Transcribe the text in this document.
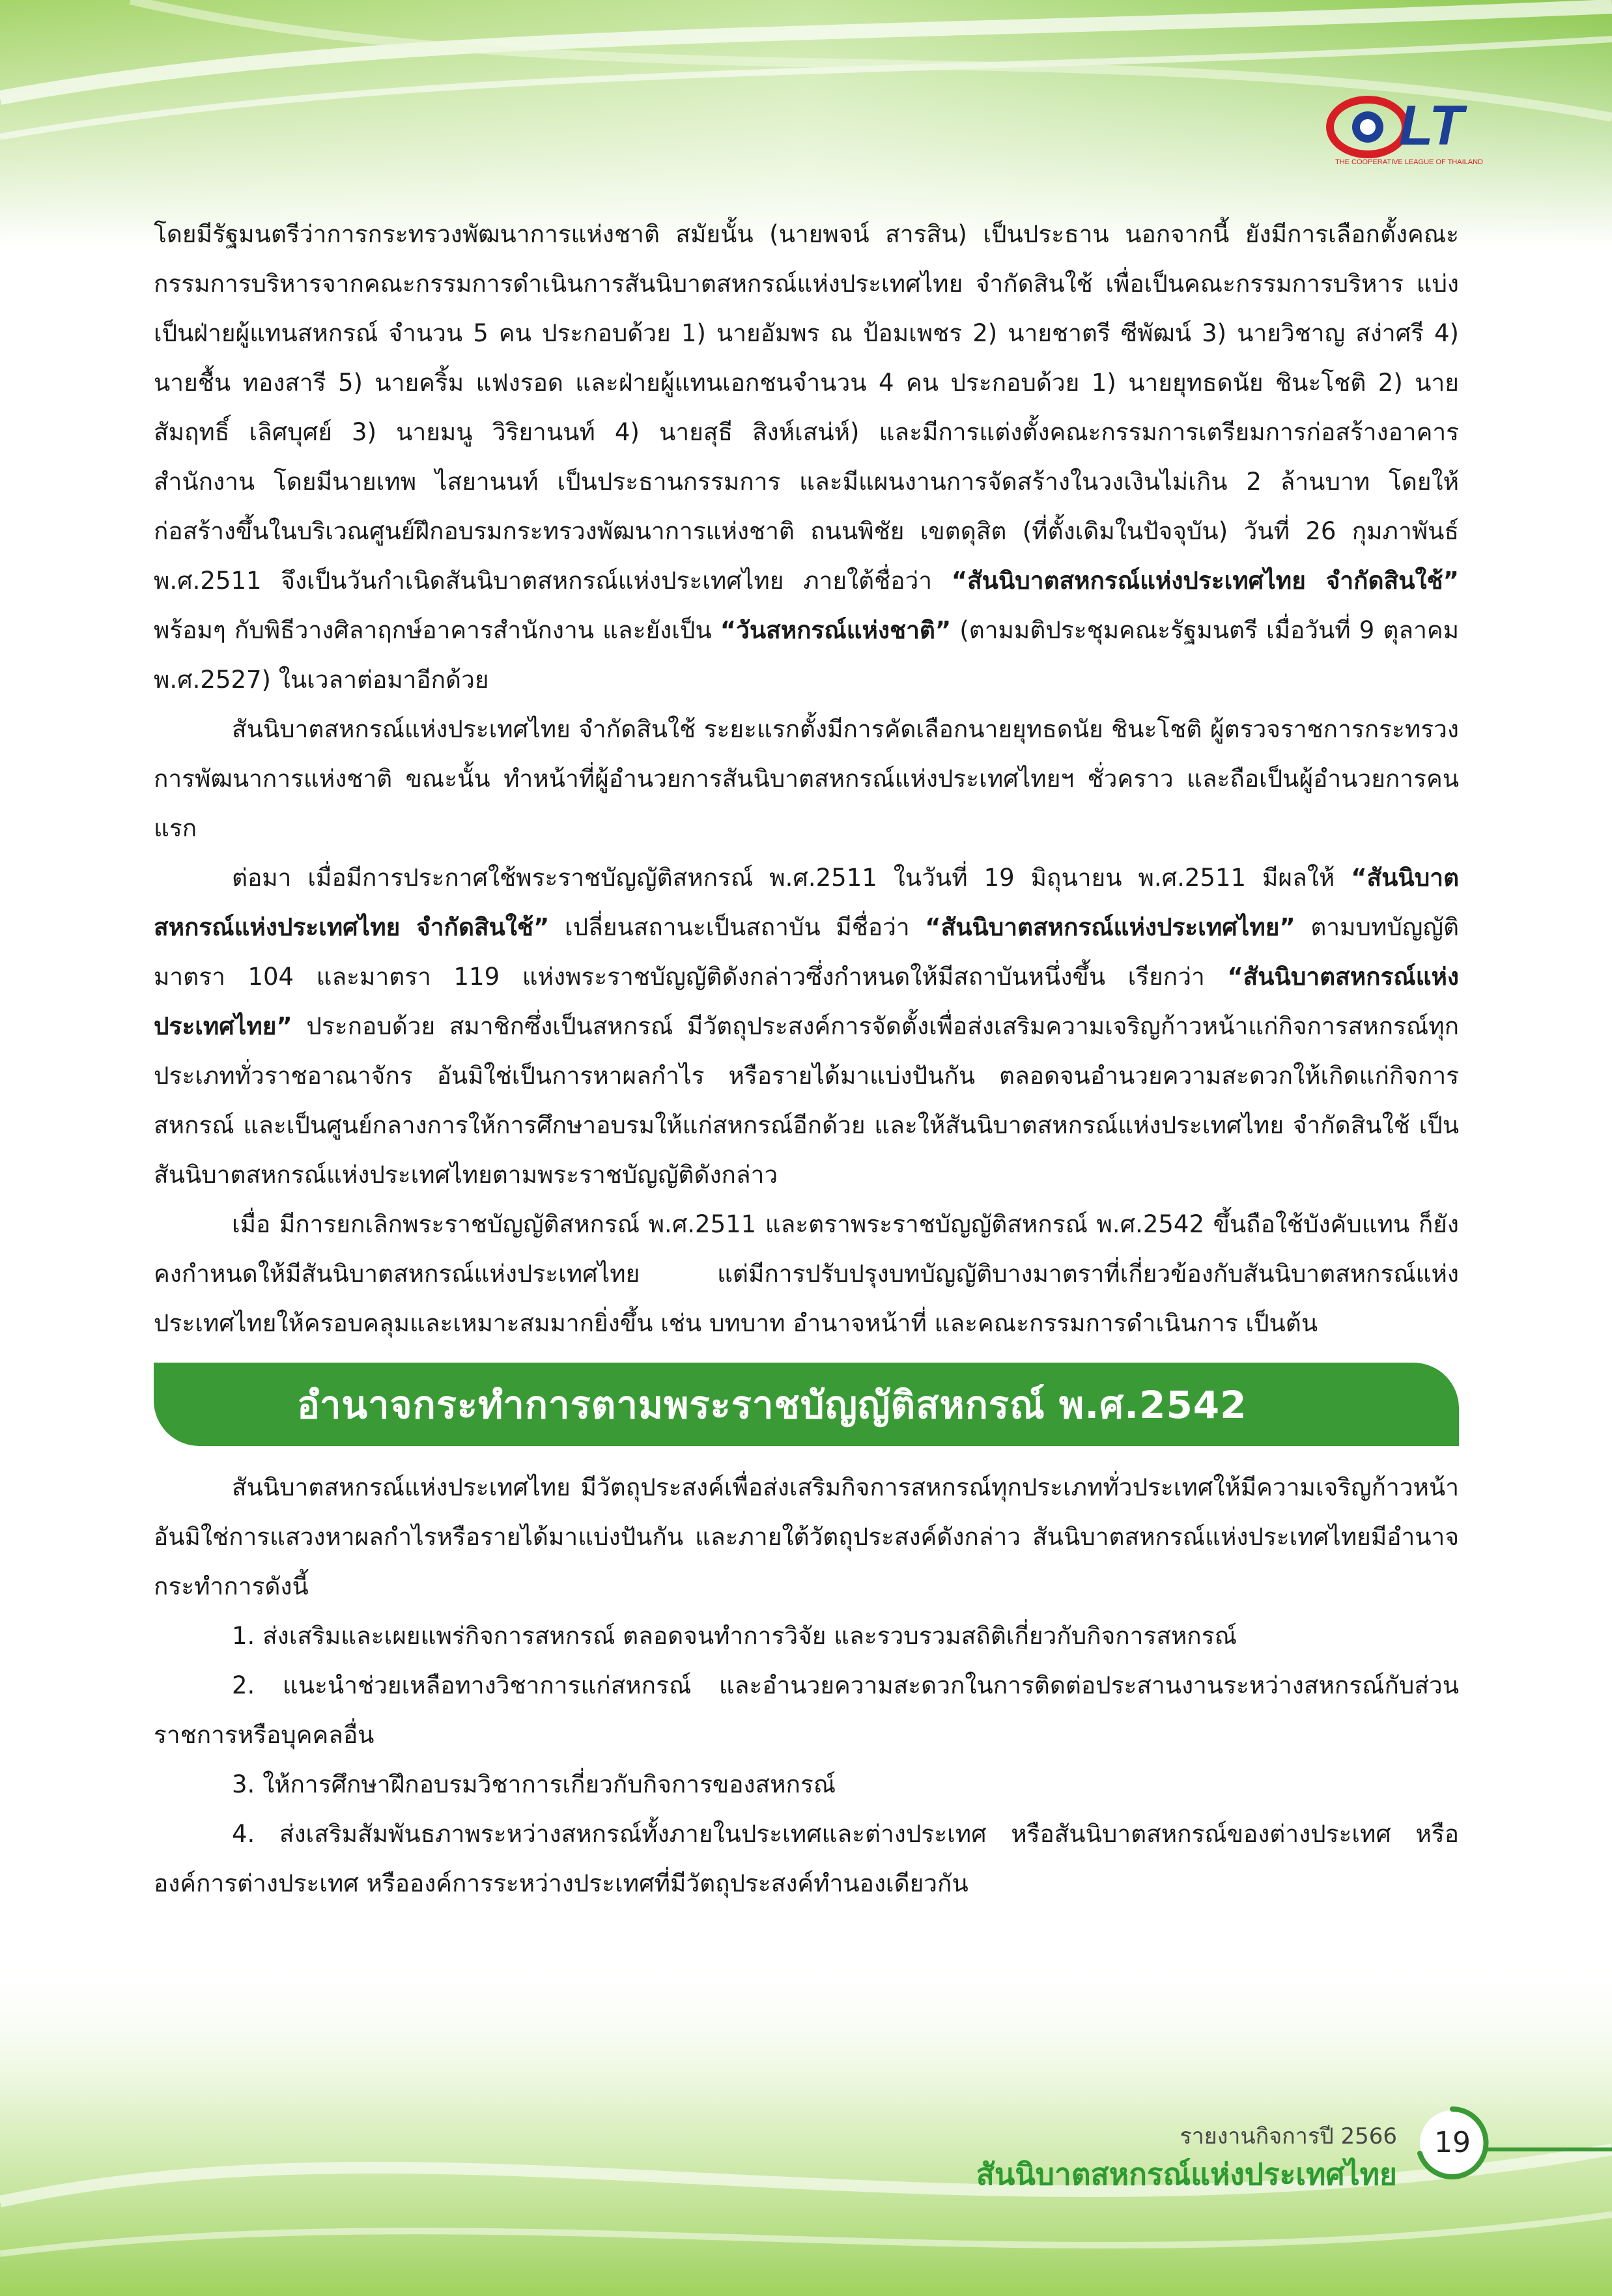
LT
THE COOPERATIVE LEAGUE OF THAILAND

โดยมีรัฐมนตรีว่าการกระทรวงพัฒนาการแห่งชาติ สมัยนั้น (นายพจน์ สารสิน) เป็นประธาน นอกจากนี้ ยังมีการเลือกตั้งคณะกรรมการบริหารจากคณะกรรมการดำเนินการสันนิบาตสหกรณ์แห่งประเทศไทย จำกัดสินใช้ เพื่อเป็นคณะกรรมการบริหาร แบ่งเป็นฝ่ายผู้แทนสหกรณ์ จำนวน 5 คน ประกอบด้วย 1) นายอัมพร ณ ป้อมเพชร 2) นายชาตรี ซีพัฒน์ 3) นายวิชาญ สง่าศรี 4) นายชื้น ทองสารี 5) นายคริ้ม แฟงรอด และฝ่ายผู้แทนเอกชนจำนวน 4 คน ประกอบด้วย 1) นายยุทธดนัย ชินะโชติ 2) นายสัมฤทธิ์ เลิศบุศย์ 3) นายมนู วิริยานนท์ 4) นายสุธี สิงห์เสน่ห์) และมีการแต่งตั้งคณะกรรมการเตรียมการก่อสร้างอาคารสำนักงาน โดยมีนายเทพ ไสยานนท์ เป็นประธานกรรมการ และมีแผนงานการจัดสร้างในวงเงินไม่เกิน 2 ล้านบาท โดยให้ก่อสร้างขึ้นในบริเวณศูนย์ฝึกอบรมกระทรวงพัฒนาการแห่งชาติ ถนนพิชัย เขตดุสิต (ที่ตั้งเดิมในปัจจุบัน) วันที่ 26 กุมภาพันธ์ พ.ศ.2511 จึงเป็นวันกำเนิดสันนิบาตสหกรณ์แห่งประเทศไทย ภายใต้ชื่อว่า “สันนิบาตสหกรณ์แห่งประเทศไทย จำกัดสินใช้” พร้อมๆ กับพิธีวางศิลาฤกษ์อาคารสำนักงาน และยังเป็น “วันสหกรณ์แห่งชาติ” (ตามมติประชุมคณะรัฐมนตรี เมื่อวันที่ 9 ตุลาคม พ.ศ.2527) ในเวลาต่อมาอีกด้วย

สันนิบาตสหกรณ์แห่งประเทศไทย จำกัดสินใช้ ระยะแรกตั้งมีการคัดเลือกนายยุทธดนัย ชินะโชติ ผู้ตรวจราชการกระทรวงการพัฒนาการแห่งชาติ ขณะนั้น ทำหน้าที่ผู้อำนวยการสันนิบาตสหกรณ์แห่งประเทศไทยฯ ชั่วคราว และถือเป็นผู้อำนวยการคนแรก

ต่อมา เมื่อมีการประกาศใช้พระราชบัญญัติสหกรณ์ พ.ศ.2511 ในวันที่ 19 มิถุนายน พ.ศ.2511 มีผลให้ “สันนิบาตสหกรณ์แห่งประเทศไทย จำกัดสินใช้” เปลี่ยนสถานะเป็นสถาบัน มีชื่อว่า “สันนิบาตสหกรณ์แห่งประเทศไทย” ตามบทบัญญัติมาตรา 104 และมาตรา 119 แห่งพระราชบัญญัติดังกล่าวซึ่งกำหนดให้มีสถาบันหนึ่งขึ้น เรียกว่า “สันนิบาตสหกรณ์แห่งประเทศไทย” ประกอบด้วย สมาชิกซึ่งเป็นสหกรณ์ มีวัตถุประสงค์การจัดตั้งเพื่อส่งเสริมความเจริญก้าวหน้าแก่กิจการสหกรณ์ทุกประเภททั่วราชอาณาจักร อันมิใช่เป็นการหาผลกำไร หรือรายได้มาแบ่งปันกัน ตลอดจนอำนวยความสะดวกให้เกิดแก่กิจการสหกรณ์ และเป็นศูนย์กลางการให้การศึกษาอบรมให้แก่สหกรณ์อีกด้วย และให้สันนิบาตสหกรณ์แห่งประเทศไทย จำกัดสินใช้ เป็นสันนิบาตสหกรณ์แห่งประเทศไทยตามพระราชบัญญัติดังกล่าว

เมื่อ มีการยกเลิกพระราชบัญญัติสหกรณ์ พ.ศ.2511 และตราพระราชบัญญัติสหกรณ์ พ.ศ.2542 ขึ้นถือใช้บังคับแทน ก็ยังคงกำหนดให้มีสันนิบาตสหกรณ์แห่งประเทศไทย แต่มีการปรับปรุงบทบัญญัติบางมาตราที่เกี่ยวข้องกับสันนิบาตสหกรณ์แห่งประเทศไทยให้ครอบคลุมและเหมาะสมมากยิ่งขึ้น เช่น บทบาท อำนาจหน้าที่ และคณะกรรมการดำเนินการ เป็นต้น

อำนาจกระทำการตามพระราชบัญญัติสหกรณ์ พ.ศ.2542

สันนิบาตสหกรณ์แห่งประเทศไทย มีวัตถุประสงค์เพื่อส่งเสริมกิจการสหกรณ์ทุกประเภททั่วประเทศให้มีความเจริญก้าวหน้าอันมิใช่การแสวงหาผลกำไรหรือรายได้มาแบ่งปันกัน และภายใต้วัตถุประสงค์ดังกล่าว สันนิบาตสหกรณ์แห่งประเทศไทยมีอำนาจกระทำการดังนี้

1. ส่งเสริมและเผยแพร่กิจการสหกรณ์ ตลอดจนทำการวิจัย และรวบรวมสถิติเกี่ยวกับกิจการสหกรณ์

2. แนะนำช่วยเหลือทางวิชาการแก่สหกรณ์ และอำนวยความสะดวกในการติดต่อประสานงานระหว่างสหกรณ์กับส่วนราชการหรือบุคคลอื่น

3. ให้การศึกษาฝึกอบรมวิชาการเกี่ยวกับกิจการของสหกรณ์

4. ส่งเสริมสัมพันธภาพระหว่างสหกรณ์ทั้งภายในประเทศและต่างประเทศ หรือสันนิบาตสหกรณ์ของต่างประเทศ หรือองค์การต่างประเทศ หรือองค์การระหว่างประเทศที่มีวัตถุประสงค์ทำนองเดียวกัน

รายงานกิจการปี 2566
สันนิบาตสหกรณ์แห่งประเทศไทย
19
